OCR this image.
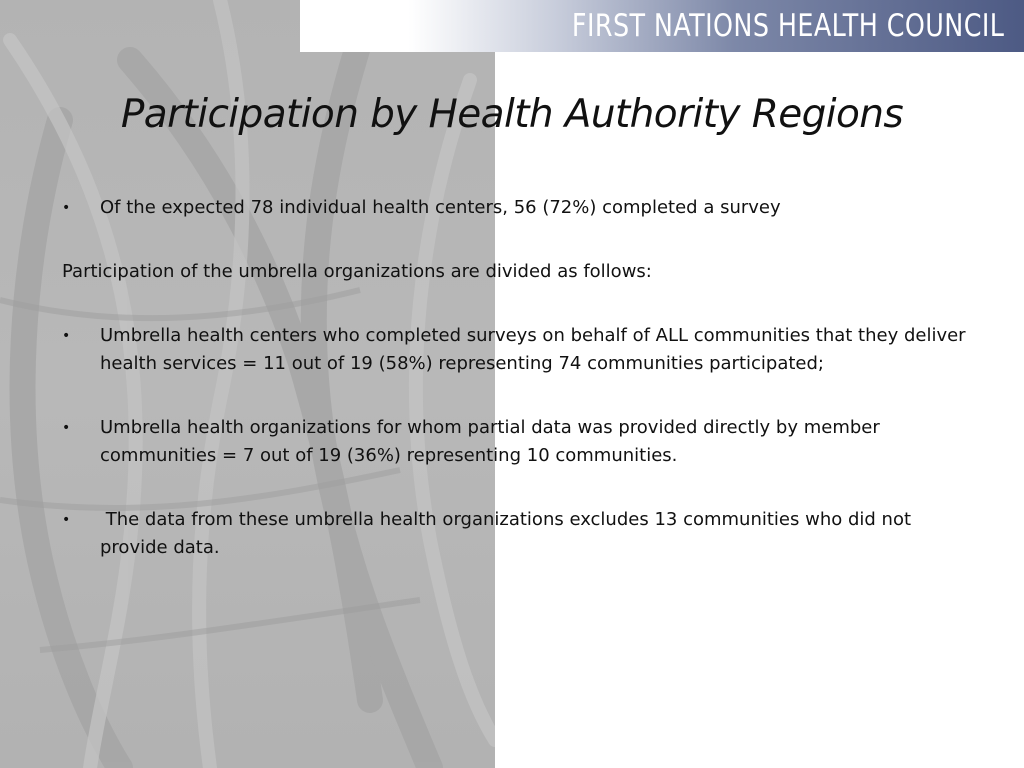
FIRST NATIONS HEALTH COUNCIL
Participation by Health Authority Regions
• Of the expected 78 individual health centers, 56 (72%) completed a survey

Participation of the umbrella organizations are divided as follows:

• Umbrella health centers who completed surveys on behalf of ALL communities that they deliver health services = 11 out of 19 (58%) representing 74 communities participated;

• Umbrella health organizations for whom partial data was provided directly by member communities = 7 out of 19 (36%) representing 10 communities.

• The data from these umbrella health organizations excludes 13 communities who did not provide data.
